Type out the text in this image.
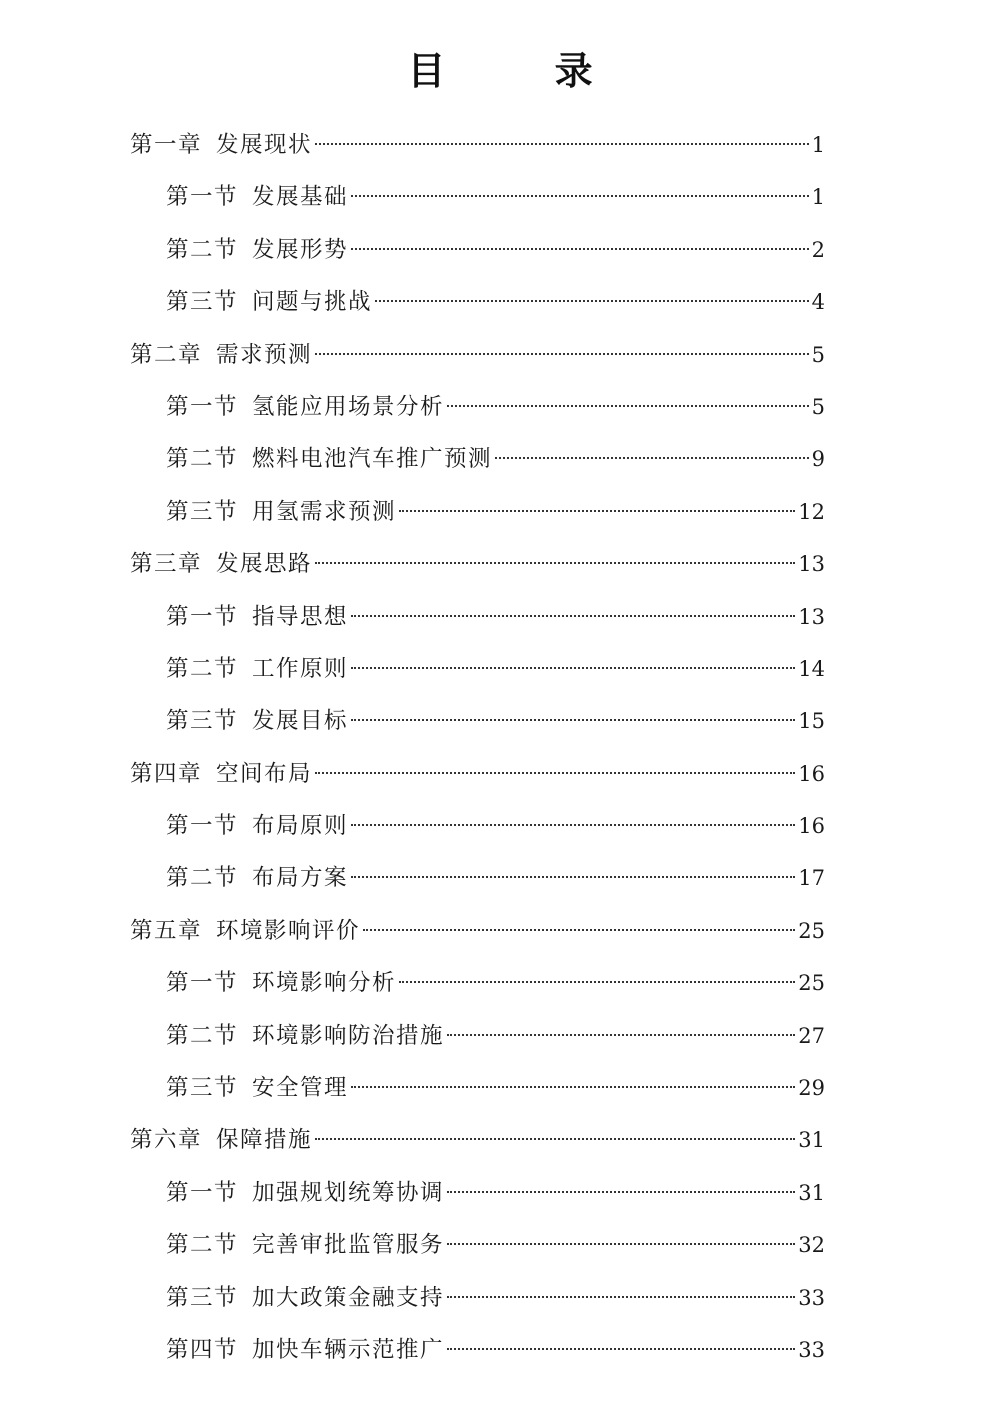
目 录
第一章 发展现状	1
第一节 发展基础	1
第二节 发展形势	2
第三节 问题与挑战	4
第二章 需求预测	5
第一节 氢能应用场景分析	5
第二节 燃料电池汽车推广预测	9
第三节 用氢需求预测	12
第三章 发展思路	13
第一节 指导思想	13
第二节 工作原则	14
第三节 发展目标	15
第四章 空间布局	16
第一节 布局原则	16
第二节 布局方案	17
第五章 环境影响评价	25
第一节 环境影响分析	25
第二节 环境影响防治措施	27
第三节 安全管理	29
第六章 保障措施	31
第一节 加强规划统筹协调	31
第二节 完善审批监管服务	32
第三节 加大政策金融支持	33
第四节 加快车辆示范推广	33
